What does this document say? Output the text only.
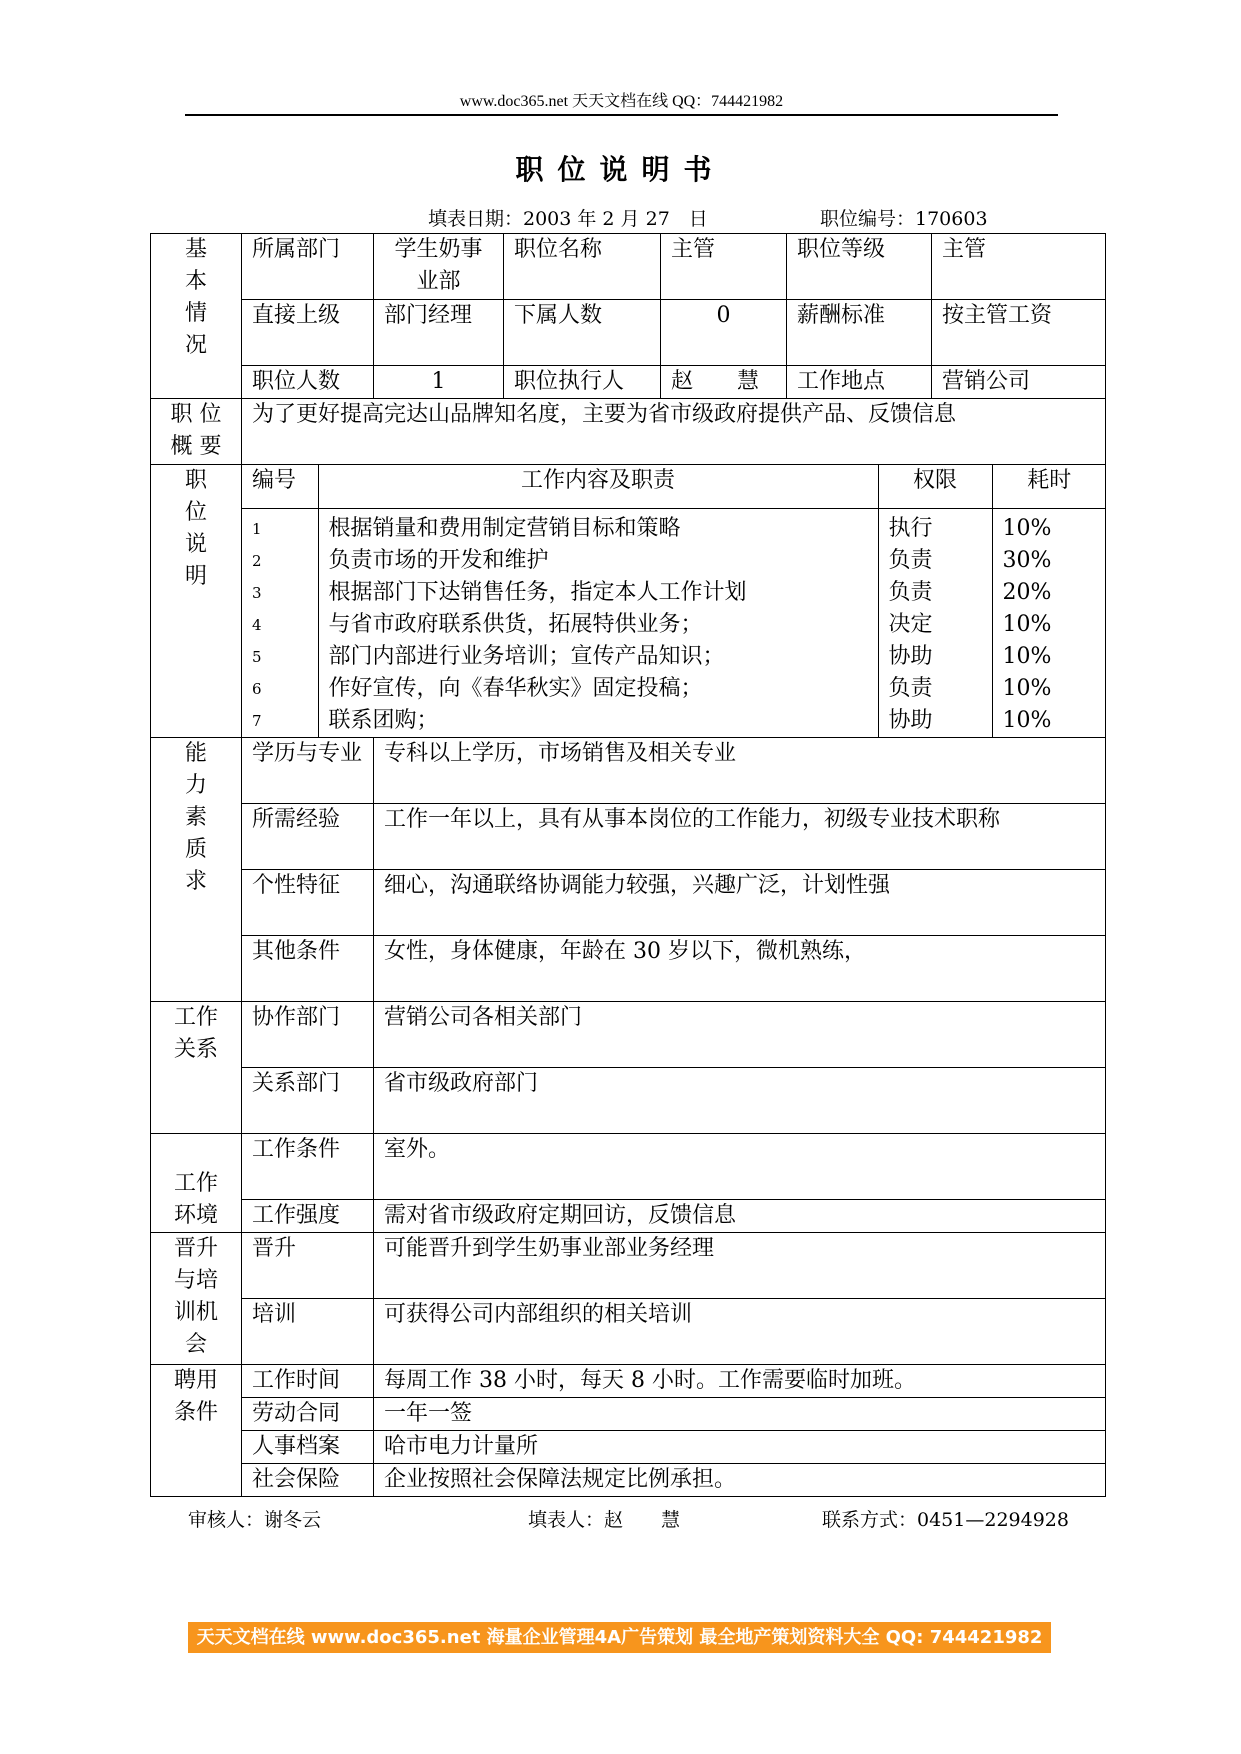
www.doc365.net 天天文档在线 QQ：744421982
职位说明书
填表日期：2003 年 2 月 27　日	职位编号：170603
基本情况
	所属部门	学生奶事业部	职位名称	主管	职位等级	主管
直接上级	部门经理	下属人数	0	薪酬标准	按主管工资
职位人数	1	职位执行人	赵　　慧	工作地点	营销公司

职 位 概 要
	为了更好提高完达山品牌知名度，主要为省市级政府提供产品、反馈信息

职位说明

编号	工作内容及职责	权限	耗时
1	根据销量和费用制定营销目标和策略	执行	10%
2	负责市场的开发和维护	负责	30%
3	根据部门下达销售任务，指定本人工作计划	负责	20%
4	与省市政府联系供货，拓展特供业务；	决定	10%
5	部门内部进行业务培训；宣传产品知识；	协助	10%
6	作好宣传，向《春华秋实》固定投稿；	负责	10%
7	联系团购；	协助	10%

能力素质求
	学历与专业	专科以上学历，市场销售及相关专业
所需经验	工作一年以上，具有从事本岗位的工作能力，初级专业技术职称
个性特征	细心，沟通联络协调能力较强，兴趣广泛，计划性强
其他条件	女性，身体健康，年龄在 30 岁以下，微机熟练，

工作关系
	协作部门	营销公司各相关部门
关系部门	省市级政府部门

工作环境
	工作条件	室外。
工作强度	需对省市级政府定期回访，反馈信息

晋升与培训机会
	晋升	可能晋升到学生奶事业部业务经理
培训	可获得公司内部组织的相关培训

聘用条件
	工作时间	每周工作 38 小时，每天 8 小时。工作需要临时加班。
劳动合同	一年一签
人事档案	哈市电力计量所
社会保险	企业按照社会保障法规定比例承担。
审核人：谢冬云	填表人：赵　　慧	联系方式：0451—2294928
天天文档在线 www.doc365.net 海量企业管理4A广告策划 最全地产策划资料大全 QQ: 744421982
